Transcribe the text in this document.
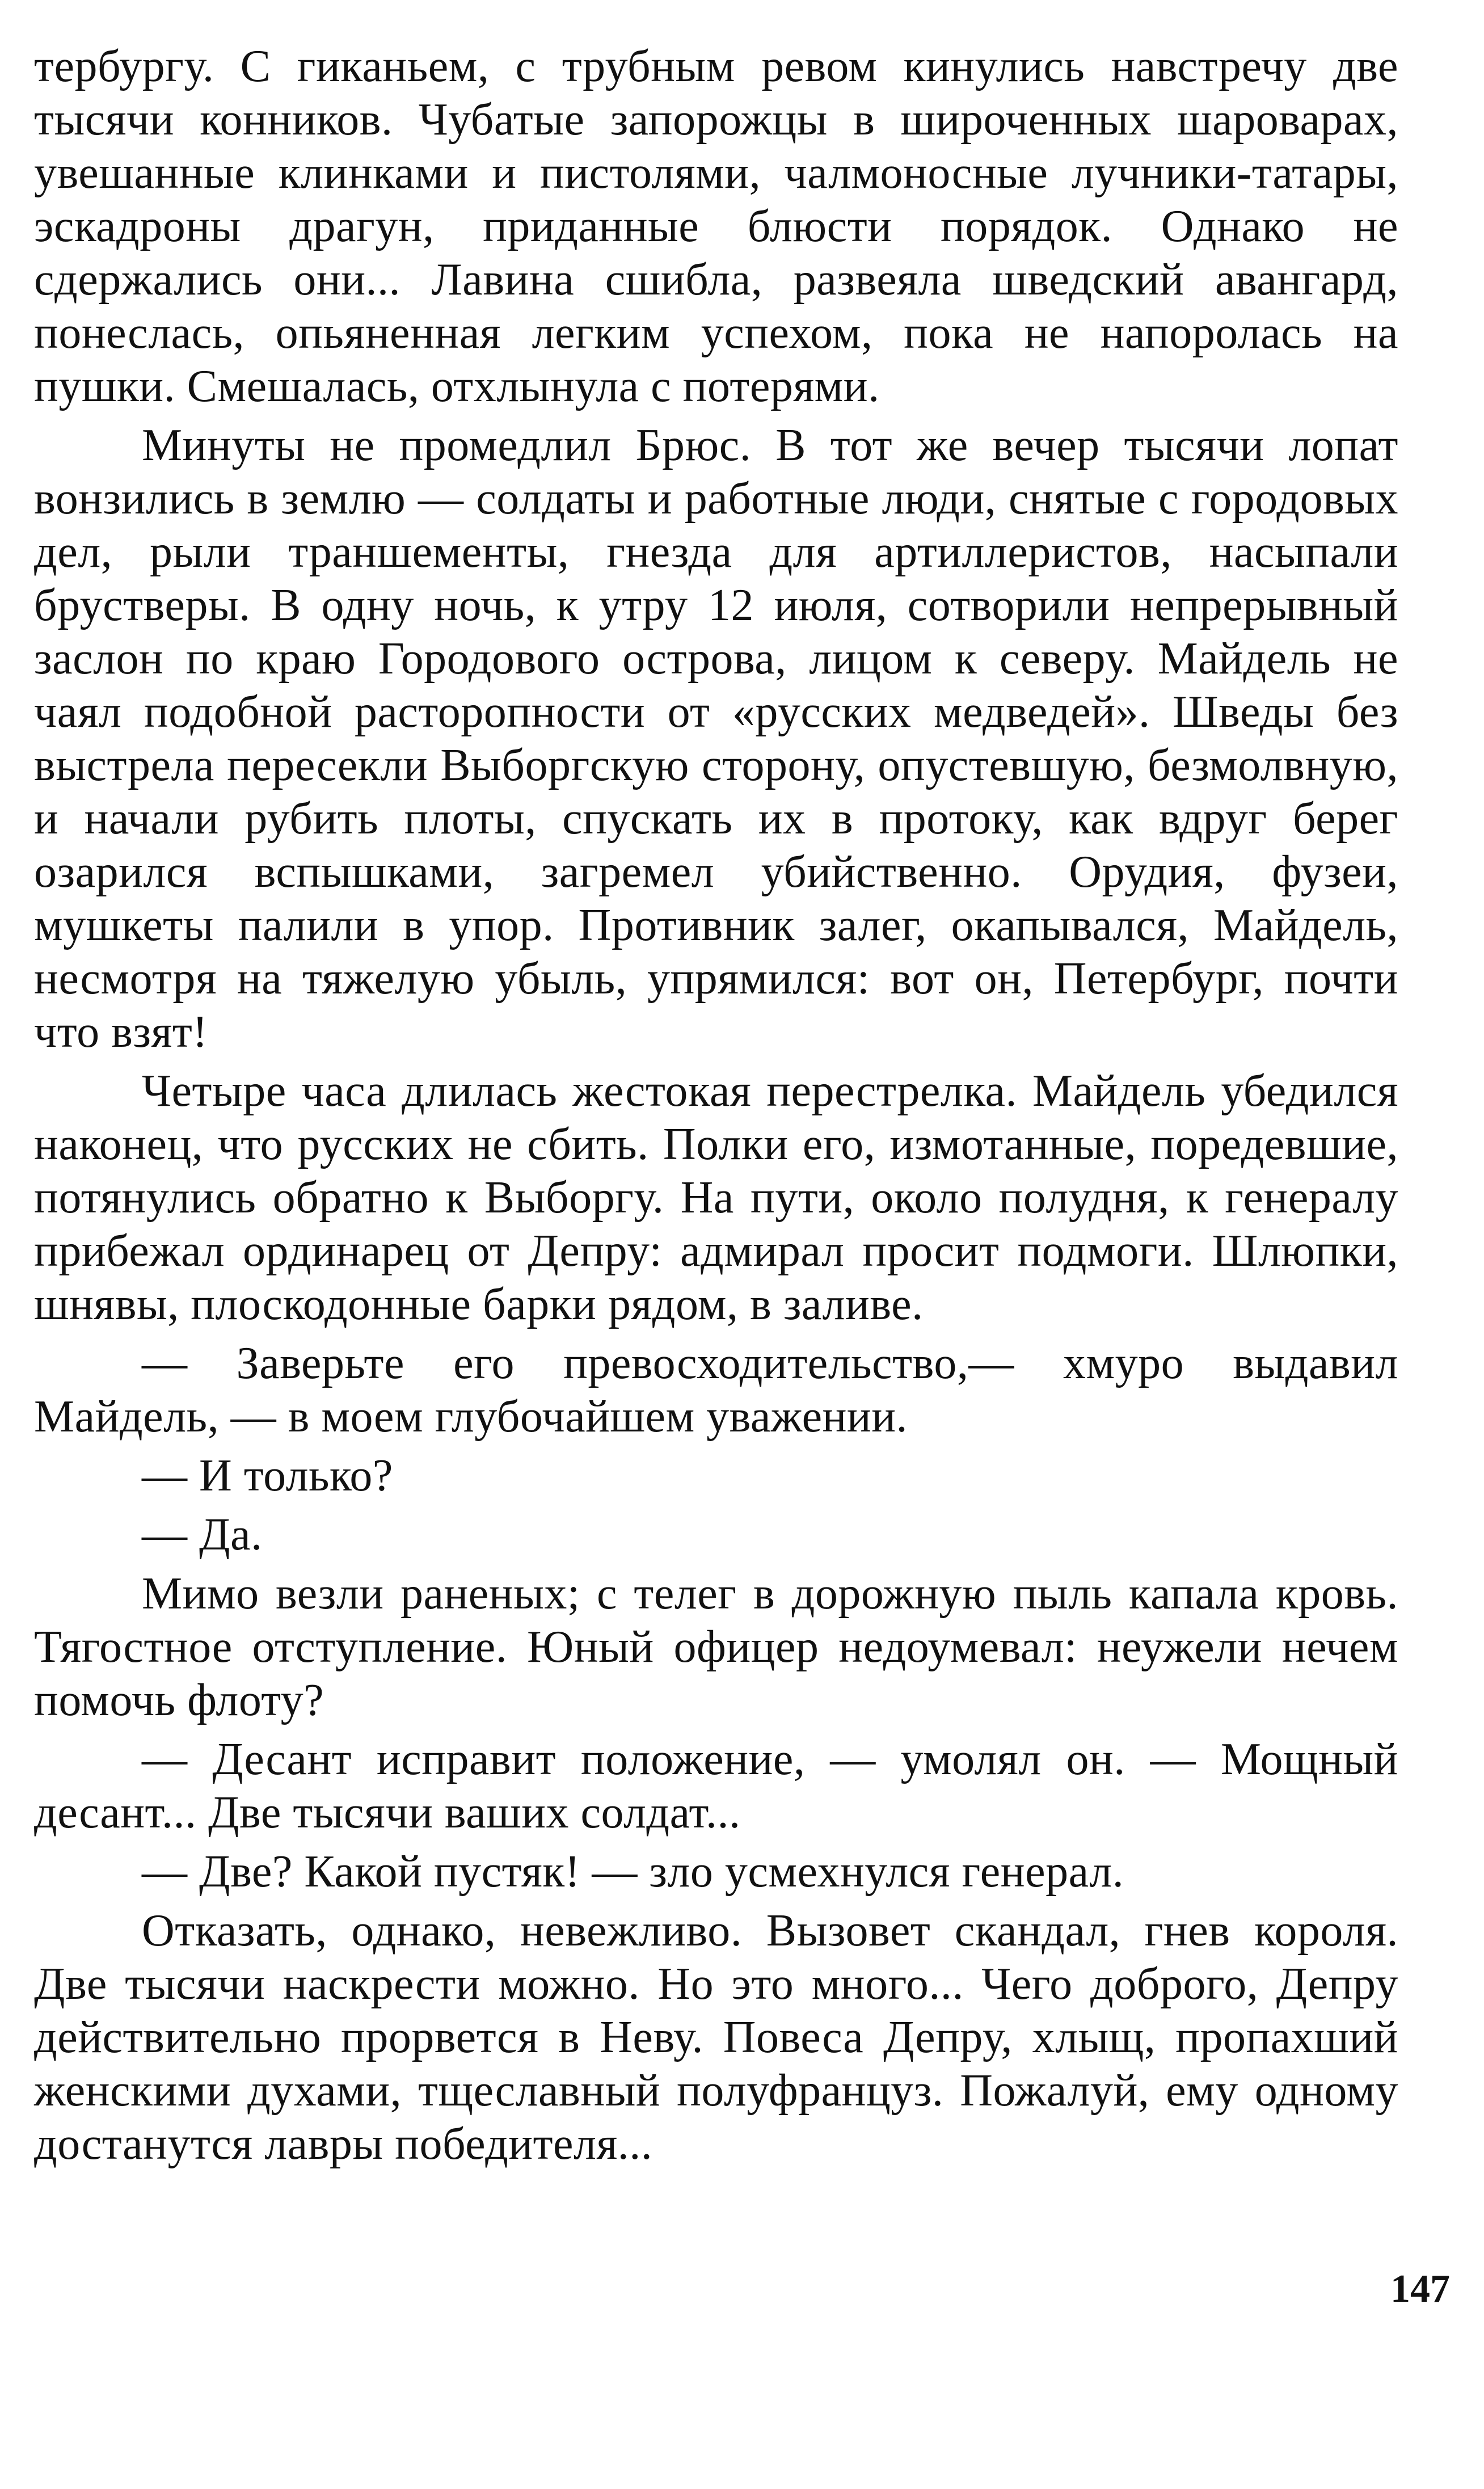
тербургу. С гиканьем, с трубным ревом кинулись навстречу две тысячи конников. Чубатые запорожцы в широченных шароварах, увешанные клинками и пистолями, чалмоносные лучники-татары, эскадроны драгун, приданные блюсти порядок. Однако не сдержались они... Лавина сшибла, развеяла шведский авангард, понеслась, опьяненная легким успехом, пока не напоролась на пушки. Смешалась, отхлынула с потерями.

Минуты не промедлил Брюс. В тот же вечер тысячи лопат вонзились в землю — солдаты и работные люди, снятые с городовых дел, рыли траншементы, гнезда для артиллеристов, насыпали брустверы. В одну ночь, к утру 12 июля, сотворили непрерывный заслон по краю Городового острова, лицом к северу. Майдель не чаял подобной расторопности от «русских медведей». Шведы без выстрела пересекли Выборгскую сторону, опустевшую, безмолвную, и начали рубить плоты, спускать их в протоку, как вдруг берег озарился вспышками, загремел убийственно. Орудия, фузеи, мушкеты палили в упор. Противник залег, окапывался, Майдель, несмотря на тяжелую убыль, упрямился: вот он, Петербург, почти что взят!

Четыре часа длилась жестокая перестрелка. Майдель убедился наконец, что русских не сбить. Полки его, измотанные, поредевшие, потянулись обратно к Выборгу. На пути, около полудня, к генералу прибежал ординарец от Депру: адмирал просит подмоги. Шлюпки, шнявы, плоскодонные барки рядом, в заливе.

— Заверьте его превосходительство,— хмуро выдавил Майдель, — в моем глубочайшем уважении.

— И только?

— Да.

Мимо везли раненых; с телег в дорожную пыль капала кровь. Тягостное отступление. Юный офицер недоумевал: неужели нечем помочь флоту?

— Десант исправит положение, — умолял он. — Мощный десант... Две тысячи ваших солдат...

— Две? Какой пустяк! — зло усмехнулся генерал.

Отказать, однако, невежливо. Вызовет скандал, гнев короля. Две тысячи наскрести можно. Но это много... Чего доброго, Депру действительно прорвется в Неву. Повеса Депру, хлыщ, пропахший женскими духами, тщеславный полуфранцуз. Пожалуй, ему одному достанутся лавры победителя...

147
